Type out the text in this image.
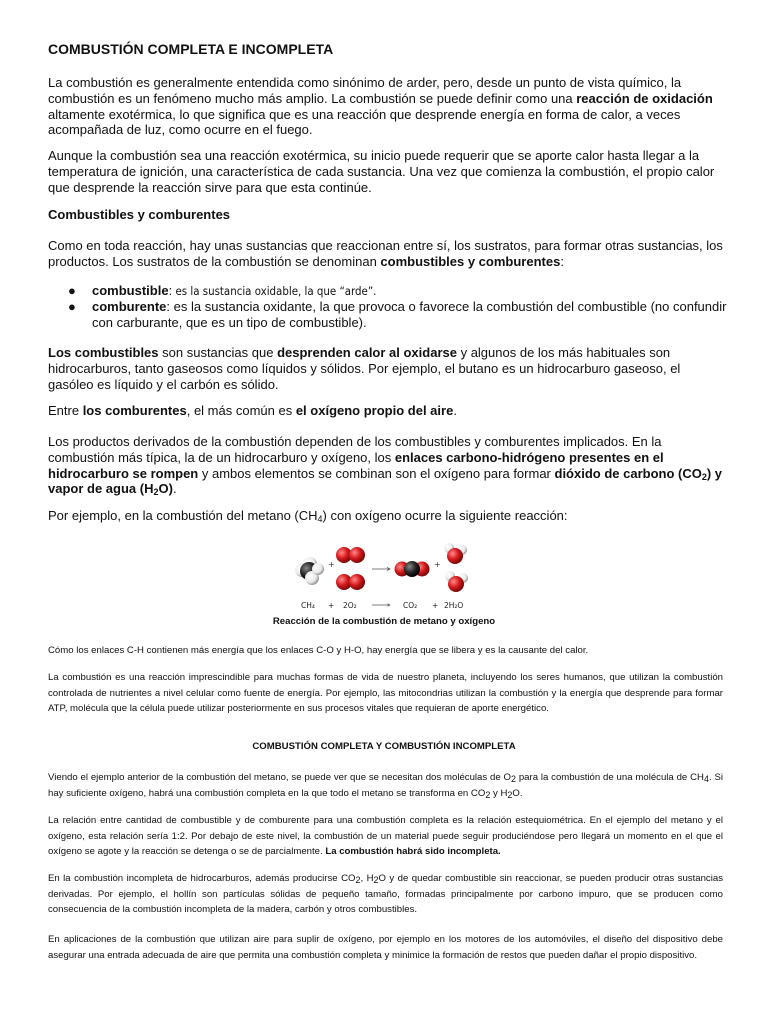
COMBUSTIÓN COMPLETA E INCOMPLETA

La combustión es generalmente entendida como sinónimo de arder, pero, desde un punto de vista químico, la combustión es un fenómeno mucho más amplio. La combustión se puede definir como una reacción de oxidación altamente exotérmica, lo que significa que es una reacción que desprende energía en forma de calor, a veces acompañada de luz, como ocurre en el fuego.

Aunque la combustión sea una reacción exotérmica, su inicio puede requerir que se aporte calor hasta llegar a la temperatura de ignición, una característica de cada sustancia. Una vez que comienza la combustión, el propio calor que desprende la reacción sirve para que esta continúe.

Combustibles y comburentes

Como en toda reacción, hay unas sustancias que reaccionan entre sí, los sustratos, para formar otras sustancias, los productos. Los sustratos de la combustión se denominan combustibles y comburentes:

● combustible: es la sustancia oxidable, la que “arde”.
● comburente: es la sustancia oxidante, la que provoca o favorece la combustión del combustible (no confundir con carburante, que es un tipo de combustible).

Los combustibles son sustancias que desprenden calor al oxidarse y algunos de los más habituales son hidrocarburos, tanto gaseosos como líquidos y sólidos. Por ejemplo, el butano es un hidrocarburo gaseoso, el gasóleo es líquido y el carbón es sólido.

Entre los comburentes, el más común es el oxígeno propio del aire.

Los productos derivados de la combustión dependen de los combustibles y comburentes implicados. En la combustión más típica, la de un hidrocarburo y oxígeno, los enlaces carbono-hidrógeno presentes en el hidrocarburo se rompen y ambos elementos se combinan son el oxígeno para formar dióxido de carbono $(CO_2)$ y vapor de agua $(H_2O)$.

Por ejemplo, en la combustión del metano $(CH_4)$ con oxígeno ocurre la siguiente reacción:

+	+
CH₄ + 2O₂	CO₂ + 2H₂O
Reacción de la combustión de metano y oxígeno

Cómo los enlaces C-H contienen más energía que los enlaces C-O y H-O, hay energía que se libera y es la causante del calor.

La combustión es una reacción imprescindible para muchas formas de vida de nuestro planeta, incluyendo los seres humanos, que utilizan la combustión controlada de nutrientes a nivel celular como fuente de energía. Por ejemplo, las mitocondrias utilizan la combustión y la energía que desprende para formar ATP, molécula que la célula puede utilizar posteriormente en sus procesos vitales que requieran de aporte energético.

COMBUSTIÓN COMPLETA Y COMBUSTIÓN INCOMPLETA

Viendo el ejemplo anterior de la combustión del metano, se puede ver que se necesitan dos moléculas de $O_2$ para la combustión de una molécula de $CH_4$. Si hay suficiente oxígeno, habrá una combustión completa en la que todo el metano se transforma en $CO_2$ y $H_2O$.

La relación entre cantidad de combustible y de comburente para una combustión completa es la relación estequiométrica. En el ejemplo del metano y el oxígeno, esta relación sería 1:2. Por debajo de este nivel, la combustión de un material puede seguir produciéndose pero llegará un momento en el que el oxígeno se agote y la reacción se detenga o se de parcialmente. La combustión habrá sido incompleta.

En la combustión incompleta de hidrocarburos, además producirse $CO_2$, $H_2O$ y de quedar combustible sin reaccionar, se pueden producir otras sustancias derivadas. Por ejemplo, el hollín son partículas sólidas de pequeño tamaño, formadas principalmente por carbono impuro, que se producen como consecuencia de la combustión incompleta de la madera, carbón y otros combustibles.

En aplicaciones de la combustión que utilizan aire para suplir de oxígeno, por ejemplo en los motores de los automóviles, el diseño del dispositivo debe asegurar una entrada adecuada de aire que permita una combustión completa y minimice la formación de restos que pueden dañar el propio dispositivo.
